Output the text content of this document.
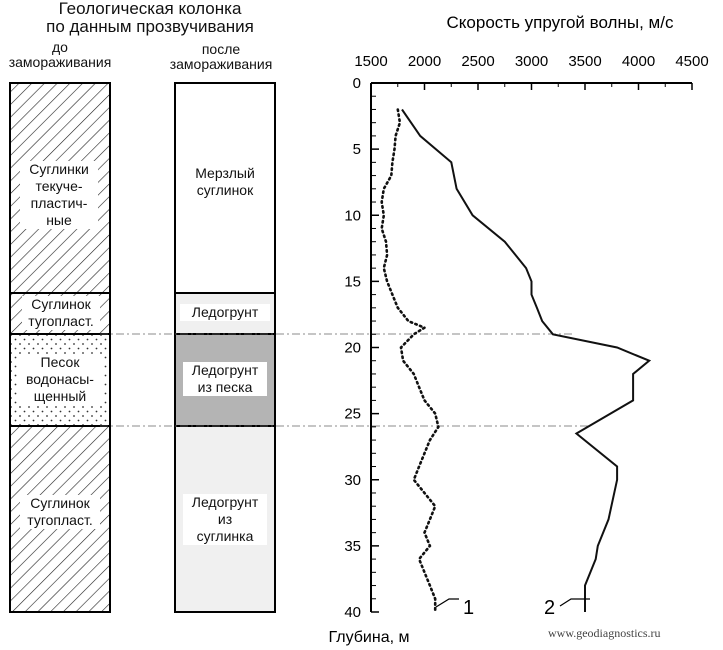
Геологическая колонка
по данным прозвучивания
до
замораживания
после
замораживания	1500 2000 2500 3000 3500 4000 4500
0
5
10
15
20
25
30
35
40	1	2
Скорость упругой волны, м/с
Глубина, м
Суглинки
текуче-
пластич-
ные
Суглинок
тугопласт.
Песок
водонасы-
щенный
Суглинок
тугопласт.
Мерзлый
суглинок
Ледогрунт
Ледогрунт
из песка
Ледогрунт
из
суглинка
www.geodiagnostics.ru
